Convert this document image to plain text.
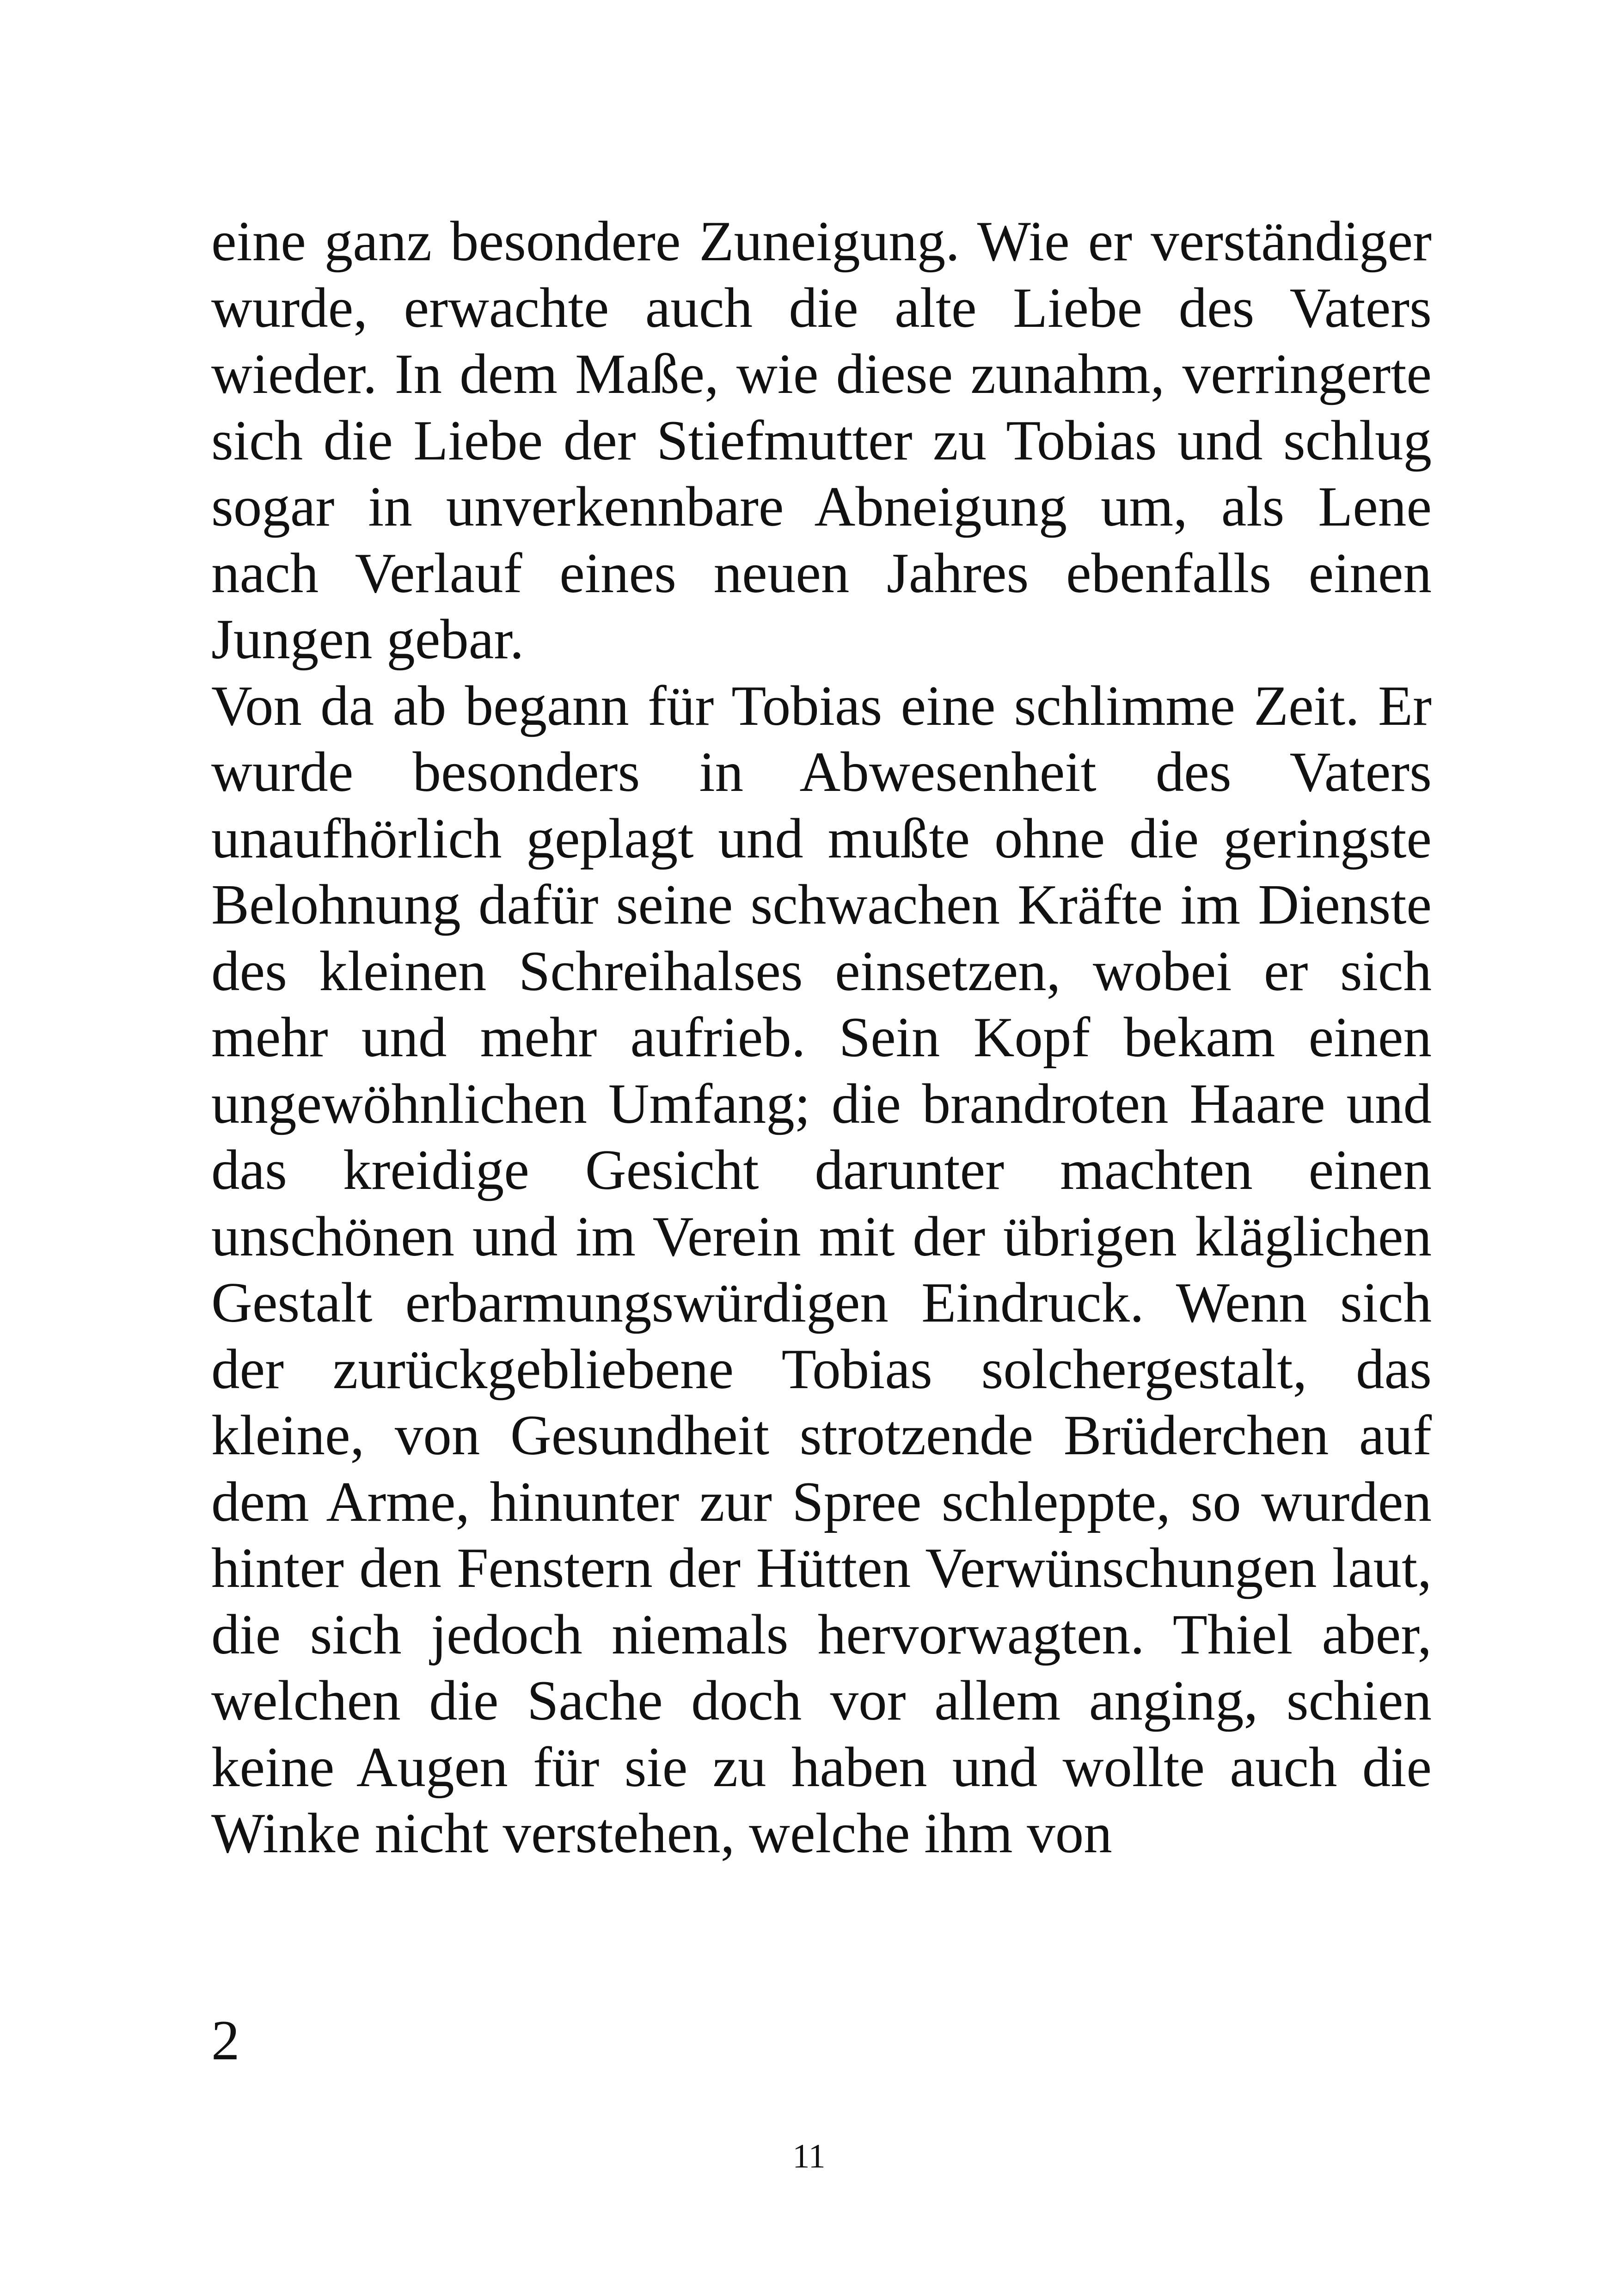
eine ganz besondere Zuneigung. Wie er verständiger
wurde, erwachte auch die alte Liebe des Vaters
wieder. In dem Maße, wie diese zunahm, verringerte
sich die Liebe der Stiefmutter zu Tobias und schlug
sogar in unverkennbare Abneigung um, als Lene
nach Verlauf eines neuen Jahres ebenfalls einen
Jungen gebar.
Von da ab begann für Tobias eine schlimme Zeit. Er
wurde besonders in Abwesenheit des Vaters
unaufhörlich geplagt und mußte ohne die geringste
Belohnung dafür seine schwachen Kräfte im Dienste
des kleinen Schreihalses einsetzen, wobei er sich
mehr und mehr aufrieb. Sein Kopf bekam einen
ungewöhnlichen Umfang; die brandroten Haare und
das kreidige Gesicht darunter machten einen
unschönen und im Verein mit der übrigen kläglichen
Gestalt erbarmungswürdigen Eindruck. Wenn sich
der zurückgebliebene Tobias solchergestalt, das
kleine, von Gesundheit strotzende Brüderchen auf
dem Arme, hinunter zur Spree schleppte, so wurden
hinter den Fenstern der Hütten Verwünschungen laut,
die sich jedoch niemals hervorwagten. Thiel aber,
welchen die Sache doch vor allem anging, schien
keine Augen für sie zu haben und wollte auch die
Winke nicht verstehen, welche ihm von
2
11
